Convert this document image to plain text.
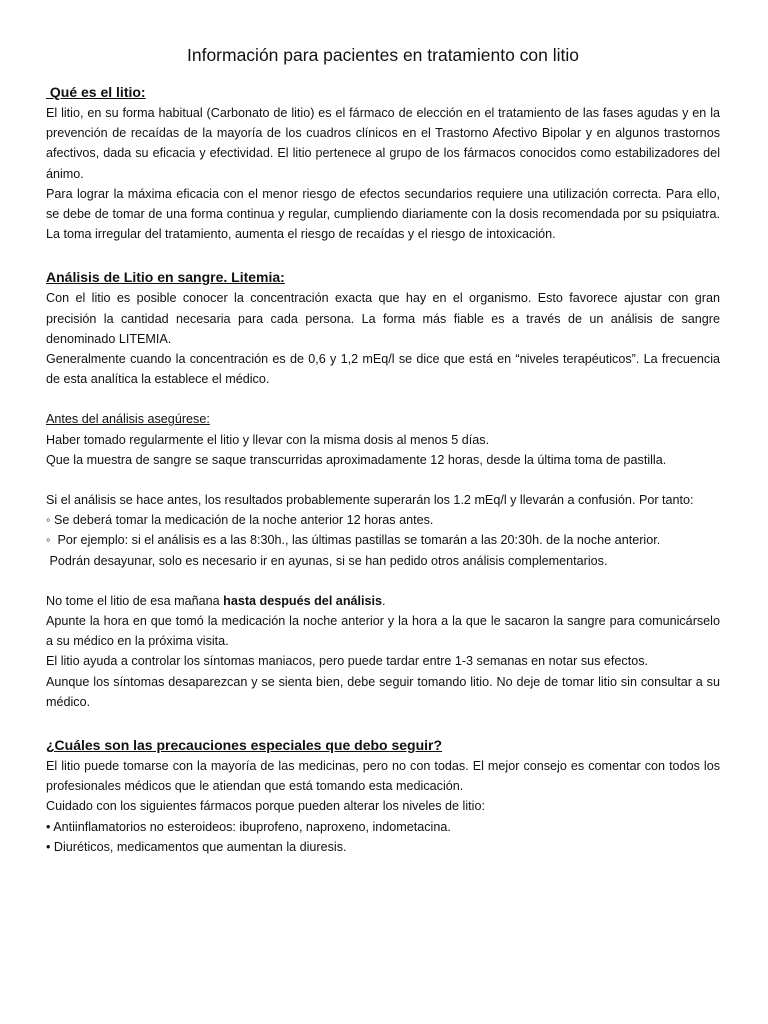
Información para pacientes en tratamiento con litio
Qué es el litio:

El litio, en su forma habitual (Carbonato de litio) es el fármaco de elección en el tratamiento de las fases agudas y en la prevención de recaídas de la mayoría de los cuadros clínicos en el Trastorno Afectivo Bipolar y en algunos trastornos afectivos, dada su eficacia y efectividad. El litio pertenece al grupo de los fármacos conocidos como estabilizadores del ánimo.

Para lograr la máxima eficacia con el menor riesgo de efectos secundarios requiere una utilización correcta. Para ello, se debe de tomar de una forma continua y regular, cumpliendo diariamente con la dosis recomendada por su psiquiatra. La toma irregular del tratamiento, aumenta el riesgo de recaídas y el riesgo de intoxicación.

Análisis de Litio en sangre. Litemia:

Con el litio es posible conocer la concentración exacta que hay en el organismo. Esto favorece ajustar con gran precisión la cantidad necesaria para cada persona. La forma más fiable es a través de un análisis de sangre denominado LITEMIA.

Generalmente cuando la concentración es de 0,6 y 1,2 mEq/l se dice que está en “niveles terapéuticos”. La frecuencia de esta analítica la establece el médico.

Antes del análisis asegúrese:

Haber tomado regularmente el litio y llevar con la misma dosis al menos 5 días.

Que la muestra de sangre se saque transcurridas aproximadamente 12 horas, desde la última toma de pastilla.

Si el análisis se hace antes, los resultados probablemente superarán los 1.2 mEq/l y llevarán a confusión. Por tanto:

◦ Se deberá tomar la medicación de la noche anterior 12 horas antes.

◦  Por ejemplo: si el análisis es a las 8:30h., las últimas pastillas se tomarán a las 20:30h. de la noche anterior.

Podrán desayunar, solo es necesario ir en ayunas, si se han pedido otros análisis complementarios.

No tome el litio de esa mañana hasta después del análisis.

Apunte la hora en que tomó la medicación la noche anterior y la hora a la que le sacaron la sangre para comunicárselo a su médico en la próxima visita.

El litio ayuda a controlar los síntomas maniacos, pero puede tardar entre 1-3 semanas en notar sus efectos.

Aunque los síntomas desaparezcan y se sienta bien, debe seguir tomando litio. No deje de tomar litio sin consultar a su médico.

¿Cuáles son las precauciones especiales que debo seguir?

El litio puede tomarse con la mayoría de las medicinas, pero no con todas. El mejor consejo es comentar con todos los profesionales médicos que le atiendan que está tomando esta medicación.

Cuidado con los siguientes fármacos porque pueden alterar los niveles de litio:

• Antiinflamatorios no esteroideos: ibuprofeno, naproxeno, indometacina.

• Diuréticos, medicamentos que aumentan la diuresis.
